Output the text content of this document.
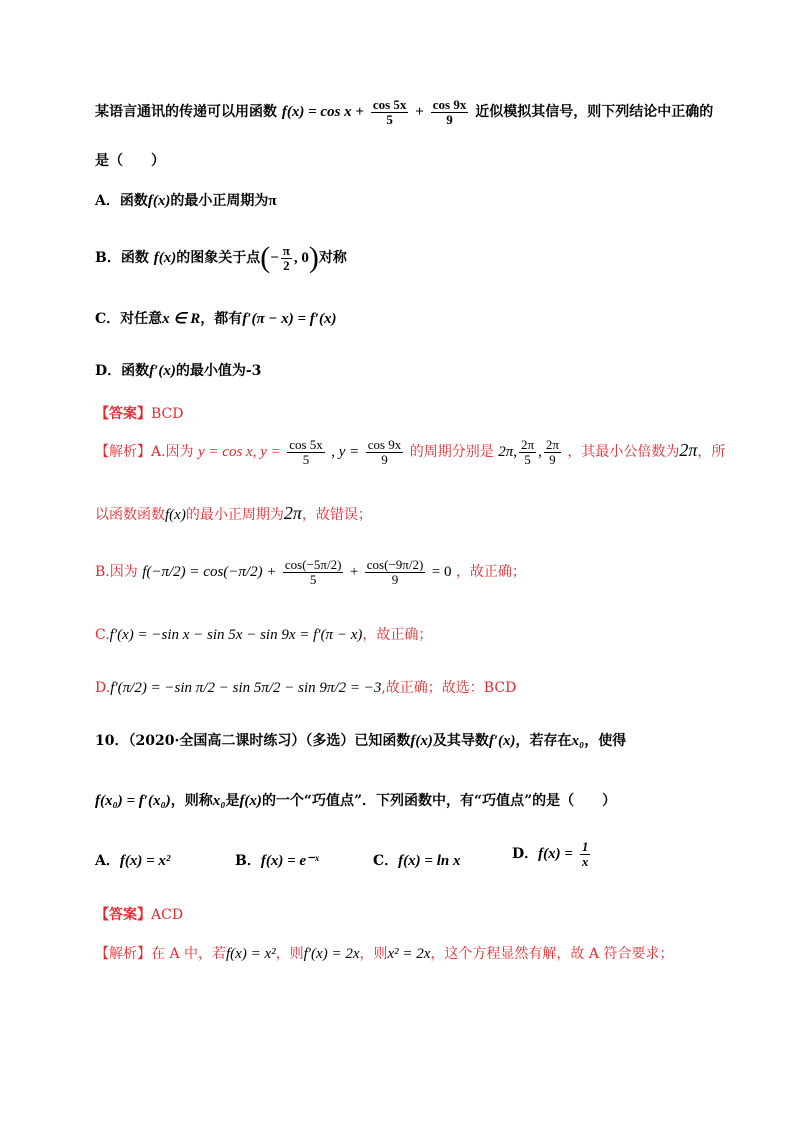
某语言通讯的传递可以用函数 $f(x) = \cos x + \frac{\cos 5x}{5} + \frac{\cos 9x}{9}$ 近似模拟其信号，则下列结论中正确的
是（　　）
A．函数f(x)的最小正周期为π
B．函数 f(x)的图象关于点(− $\frac{\pi}{2}$ , 0)对称
C．对任意x ∈ R，都有f′(π − x) = f′(x)
D．函数f′(x)的最小值为-3
【答案】BCD
【解析】A.因为 y = cos x, $y = \frac{\cos 5x}{5}$ , $y = \frac{\cos 9x}{9}$ 的周期分别是 2π, $\frac{2\pi}{5}$ , $\frac{2\pi}{9}$ ，其最小公倍数为2π，所
以函数函数f(x)的最小正周期为2π，故错误；
B.因为 $f(-\pi/2) = \cos(-\pi/2) + \frac{\cos(-5\pi/2)}{5} + \frac{\cos(-9\pi/2)}{9} = 0$ ，故正确；
C.f′(x) = −sin x − sin 5x − sin 9x = f′(π − x)，故正确；
D.f′(π/2) = −sin π/2 − sin 5π/2 − sin 9π/2 = −3,故正确；故选：BCD
10．（2020·全国高二课时练习）（多选）已知函数f(x)及其导数f′(x)，若存在x₀，使得
f(x₀) = f′(x₀)，则称x₀是f(x)的一个“巧值点”．下列函数中，有“巧值点”的是（　　）
A．f(x) = x²	B．f(x) = e⁻ˣ	C．f(x) = ln x	D．$f(x) = \frac{1}{x}$
【答案】ACD
【解析】在 A 中，若f(x) = x²，则f′(x) = 2x，则x² = 2x，这个方程显然有解，故 A 符合要求；
